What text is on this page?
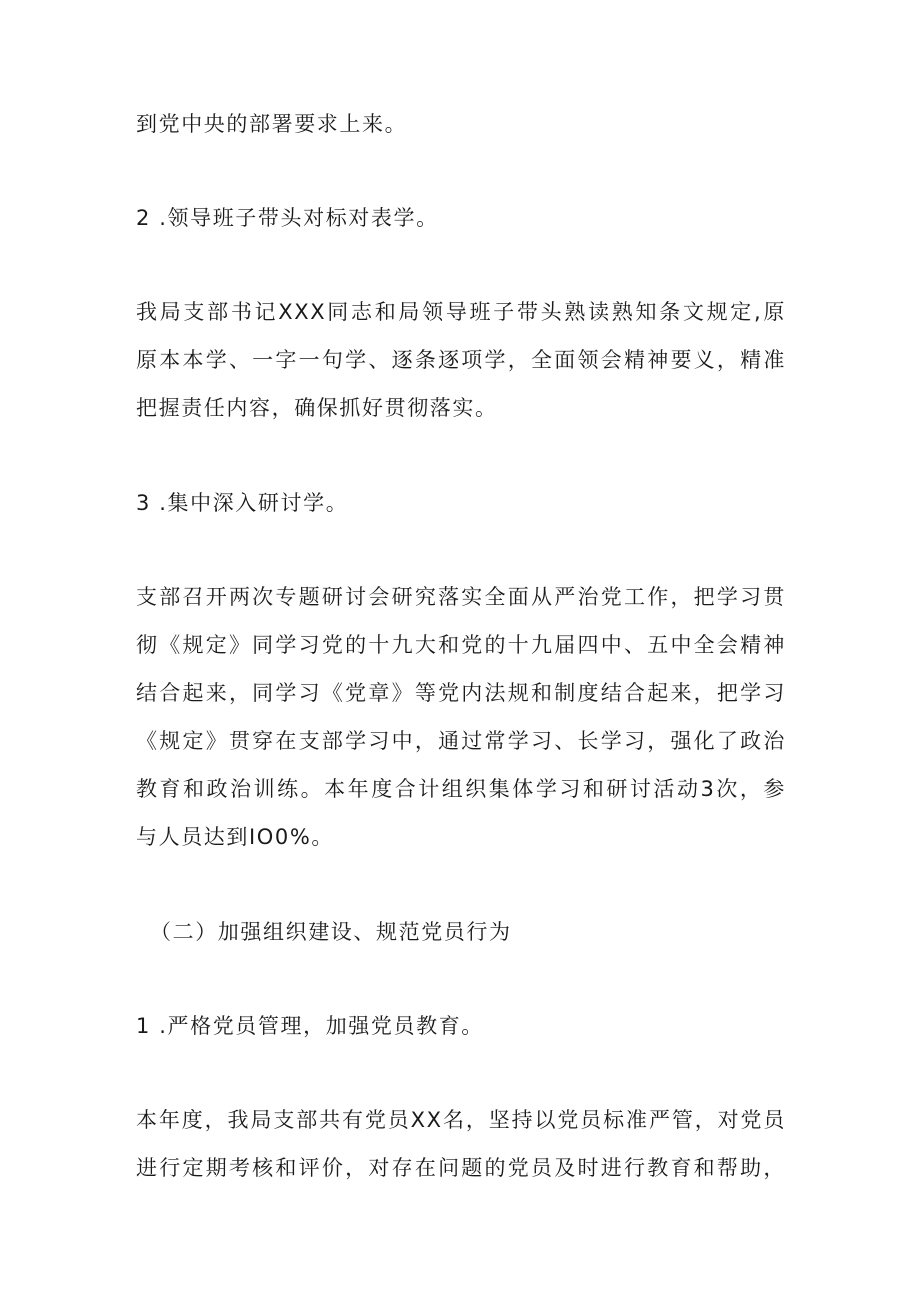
到党中央的部署要求上来。
2 .领导班子带头对标对表学。
我局支部书记XXX同志和局领导班子带头熟读熟知条文规定,原
原本本学、一字一句学、逐条逐项学，全面领会精神要义，精准
把握责任内容，确保抓好贯彻落实。
3 .集中深入研讨学。
支部召开两次专题研讨会研究落实全面从严治党工作，把学习贯
彻《规定》同学习党的十九大和党的十九届四中、五中全会精神
结合起来，同学习《党章》等党内法规和制度结合起来，把学习
《规定》贯穿在支部学习中，通过常学习、长学习，强化了政治
教育和政治训练。本年度合计组织集体学习和研讨活动3次，参
与人员达到IO0%。
（二）加强组织建设、规范党员行为
1 .严格党员管理，加强党员教育。
本年度，我局支部共有党员XX名，坚持以党员标准严管，对党员
进行定期考核和评价，对存在问题的党员及时进行教育和帮助，
